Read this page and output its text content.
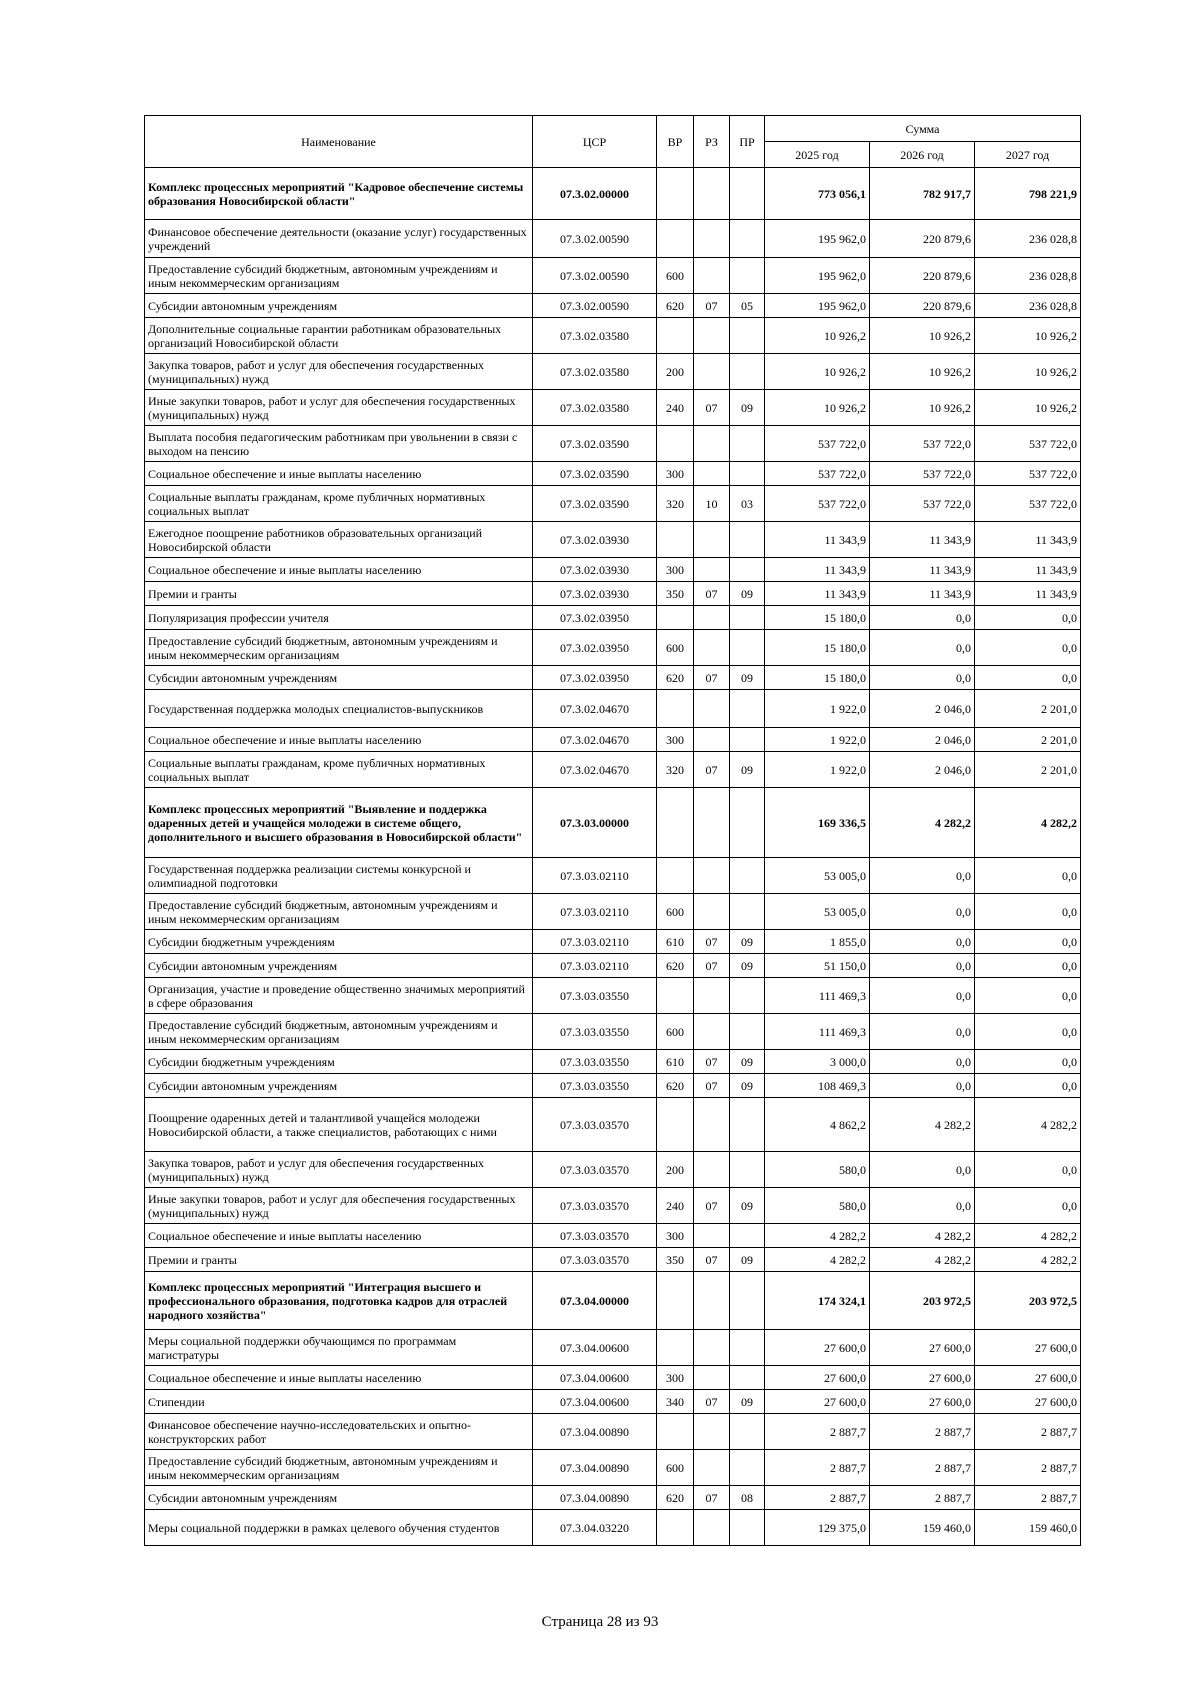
Наименование	ЦСР	ВР	РЗ	ПР	Сумма		
					2025 год	2026 год	2027 год
Комплекс процессных мероприятий "Кадровое обеспечение системы образования Новосибирской области"	07.3.02.00000				773 056,1	782 917,7	798 221,9
Финансовое обеспечение деятельности (оказание услуг) государственных учреждений	07.3.02.00590				195 962,0	220 879,6	236 028,8
Предоставление субсидий бюджетным, автономным учреждениям и иным некоммерческим организациям	07.3.02.00590	600			195 962,0	220 879,6	236 028,8
Субсидии автономным учреждениям	07.3.02.00590	620	07	05	195 962,0	220 879,6	236 028,8
Дополнительные социальные гарантии работникам образовательных организаций Новосибирской области	07.3.02.03580				10 926,2	10 926,2	10 926,2
Закупка товаров, работ и услуг для обеспечения государственных (муниципальных) нужд	07.3.02.03580	200			10 926,2	10 926,2	10 926,2
Иные закупки товаров, работ и услуг для обеспечения государственных (муниципальных) нужд	07.3.02.03580	240	07	09	10 926,2	10 926,2	10 926,2
Выплата пособия педагогическим работникам при увольнении в связи с выходом на пенсию	07.3.02.03590				537 722,0	537 722,0	537 722,0
Социальное обеспечение и иные выплаты населению	07.3.02.03590	300			537 722,0	537 722,0	537 722,0
Социальные выплаты гражданам, кроме публичных нормативных социальных выплат	07.3.02.03590	320	10	03	537 722,0	537 722,0	537 722,0
Ежегодное поощрение работников образовательных организаций Новосибирской области	07.3.02.03930				11 343,9	11 343,9	11 343,9
Социальное обеспечение и иные выплаты населению	07.3.02.03930	300			11 343,9	11 343,9	11 343,9
Премии и гранты	07.3.02.03930	350	07	09	11 343,9	11 343,9	11 343,9
Популяризация профессии учителя	07.3.02.03950				15 180,0	0,0	0,0
Предоставление субсидий бюджетным, автономным учреждениям и иным некоммерческим организациям	07.3.02.03950	600			15 180,0	0,0	0,0
Субсидии автономным учреждениям	07.3.02.03950	620	07	09	15 180,0	0,0	0,0
Государственная поддержка молодых специалистов-выпускников	07.3.02.04670				1 922,0	2 046,0	2 201,0
Социальное обеспечение и иные выплаты населению	07.3.02.04670	300			1 922,0	2 046,0	2 201,0
Социальные выплаты гражданам, кроме публичных нормативных социальных выплат	07.3.02.04670	320	07	09	1 922,0	2 046,0	2 201,0
Комплекс процессных мероприятий "Выявление и поддержка одаренных детей и учащейся молодежи в системе общего, дополнительного и высшего образования в Новосибирской области"	07.3.03.00000				169 336,5	4 282,2	4 282,2
Государственная поддержка реализации системы конкурсной и олимпиадной подготовки	07.3.03.02110				53 005,0	0,0	0,0
Предоставление субсидий бюджетным, автономным учреждениям и иным некоммерческим организациям	07.3.03.02110	600			53 005,0	0,0	0,0
Субсидии бюджетным учреждениям	07.3.03.02110	610	07	09	1 855,0	0,0	0,0
Субсидии автономным учреждениям	07.3.03.02110	620	07	09	51 150,0	0,0	0,0
Организация, участие и проведение общественно значимых мероприятий в сфере образования	07.3.03.03550				111 469,3	0,0	0,0
Предоставление субсидий бюджетным, автономным учреждениям и иным некоммерческим организациям	07.3.03.03550	600			111 469,3	0,0	0,0
Субсидии бюджетным учреждениям	07.3.03.03550	610	07	09	3 000,0	0,0	0,0
Субсидии автономным учреждениям	07.3.03.03550	620	07	09	108 469,3	0,0	0,0
Поощрение одаренных детей и талантливой учащейся молодежи Новосибирской области, а также специалистов, работающих с ними	07.3.03.03570				4 862,2	4 282,2	4 282,2
Закупка товаров, работ и услуг для обеспечения государственных (муниципальных) нужд	07.3.03.03570	200			580,0	0,0	0,0
Иные закупки товаров, работ и услуг для обеспечения государственных (муниципальных) нужд	07.3.03.03570	240	07	09	580,0	0,0	0,0
Социальное обеспечение и иные выплаты населению	07.3.03.03570	300			4 282,2	4 282,2	4 282,2
Премии и гранты	07.3.03.03570	350	07	09	4 282,2	4 282,2	4 282,2
Комплекс процессных мероприятий "Интеграция высшего и профессионального образования, подготовка кадров для отраслей народного хозяйства"	07.3.04.00000				174 324,1	203 972,5	203 972,5
Меры социальной поддержки обучающимся по программам магистратуры	07.3.04.00600				27 600,0	27 600,0	27 600,0
Социальное обеспечение и иные выплаты населению	07.3.04.00600	300			27 600,0	27 600,0	27 600,0
Стипендии	07.3.04.00600	340	07	09	27 600,0	27 600,0	27 600,0
Финансовое обеспечение научно-исследовательских и опытно-конструкторских работ	07.3.04.00890				2 887,7	2 887,7	2 887,7
Предоставление субсидий бюджетным, автономным учреждениям и иным некоммерческим организациям	07.3.04.00890	600			2 887,7	2 887,7	2 887,7
Субсидии автономным учреждениям	07.3.04.00890	620	07	08	2 887,7	2 887,7	2 887,7
Меры социальной поддержки в рамках целевого обучения студентов	07.3.04.03220				129 375,0	159 460,0	159 460,0
Страница 28 из 93
